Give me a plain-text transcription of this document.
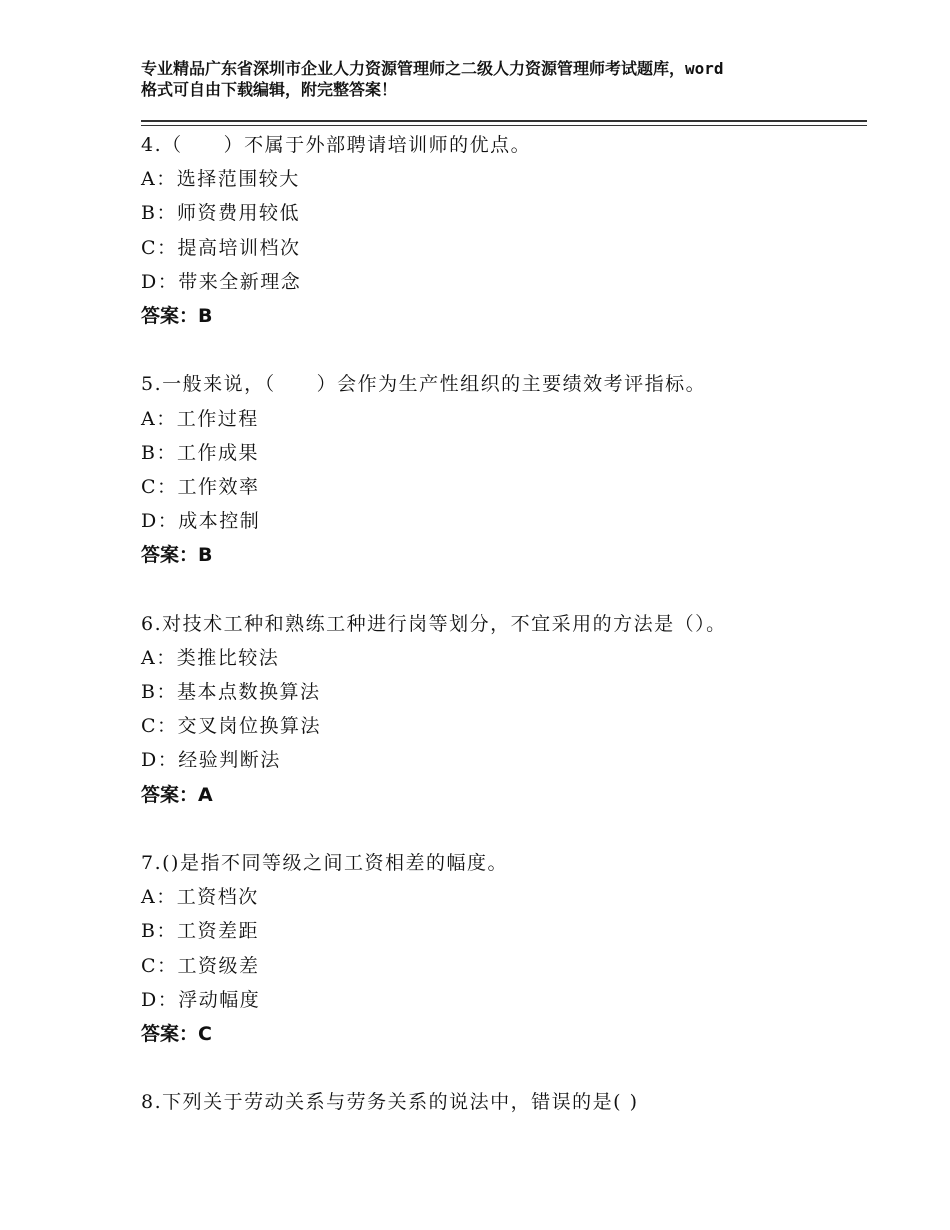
专业精品广东省深圳市企业人力资源管理师之二级人力资源管理师考试题库，word
格式可自由下载编辑，附完整答案！
4.（　　）不属于外部聘请培训师的优点。
A：选择范围较大
B：师资费用较低
C：提高培训档次
D：带来全新理念
答案：B
5.一般来说，（　　）会作为生产性组织的主要绩效考评指标。
A：工作过程
B：工作成果
C：工作效率
D：成本控制
答案：B
6.对技术工种和熟练工种进行岗等划分，不宜采用的方法是（）。
A：类推比较法
B：基本点数换算法
C：交叉岗位换算法
D：经验判断法
答案：A
7.()是指不同等级之间工资相差的幅度。
A：工资档次
B：工资差距
C：工资级差
D：浮动幅度
答案：C
8.下列关于劳动关系与劳务关系的说法中，错误的是( )
